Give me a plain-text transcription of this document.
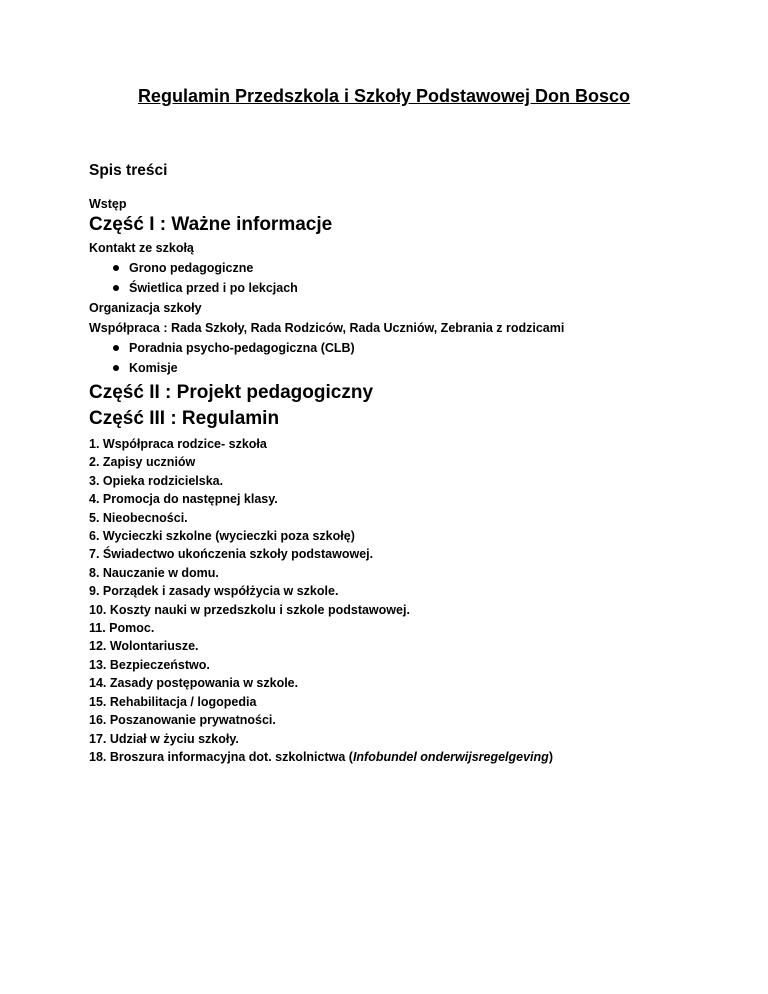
Regulamin Przedszkola i Szkoły Podstawowej Don Bosco
Spis treści
Wstęp
Część I : Ważne informacje
Kontakt ze szkołą
Grono pedagogiczne
Świetlica przed i po lekcjach
Organizacja szkoły
Współpraca : Rada Szkoły, Rada Rodziców, Rada Uczniów, Zebrania z rodzicami
Poradnia psycho-pedagogiczna (CLB)
Komisje
Część II : Projekt pedagogiczny
Część III : Regulamin
1. Współpraca rodzice- szkoła
2. Zapisy uczniów
3. Opieka rodzicielska.
4. Promocja do następnej klasy.
5. Nieobecności.
6. Wycieczki szkolne (wycieczki poza szkołę)
7. Świadectwo ukończenia szkoły podstawowej.
8. Nauczanie w domu.
9. Porządek i zasady współżycia w szkole.
10. Koszty nauki w przedszkolu i szkole podstawowej.
11. Pomoc.
12. Wolontariusze.
13. Bezpieczeństwo.
14. Zasady postępowania w szkole.
15. Rehabilitacja / logopedia
16. Poszanowanie prywatności.
17. Udział w życiu szkoły.
18. Broszura informacyjna dot. szkolnictwa (Infobundel onderwijsregelgeving)
